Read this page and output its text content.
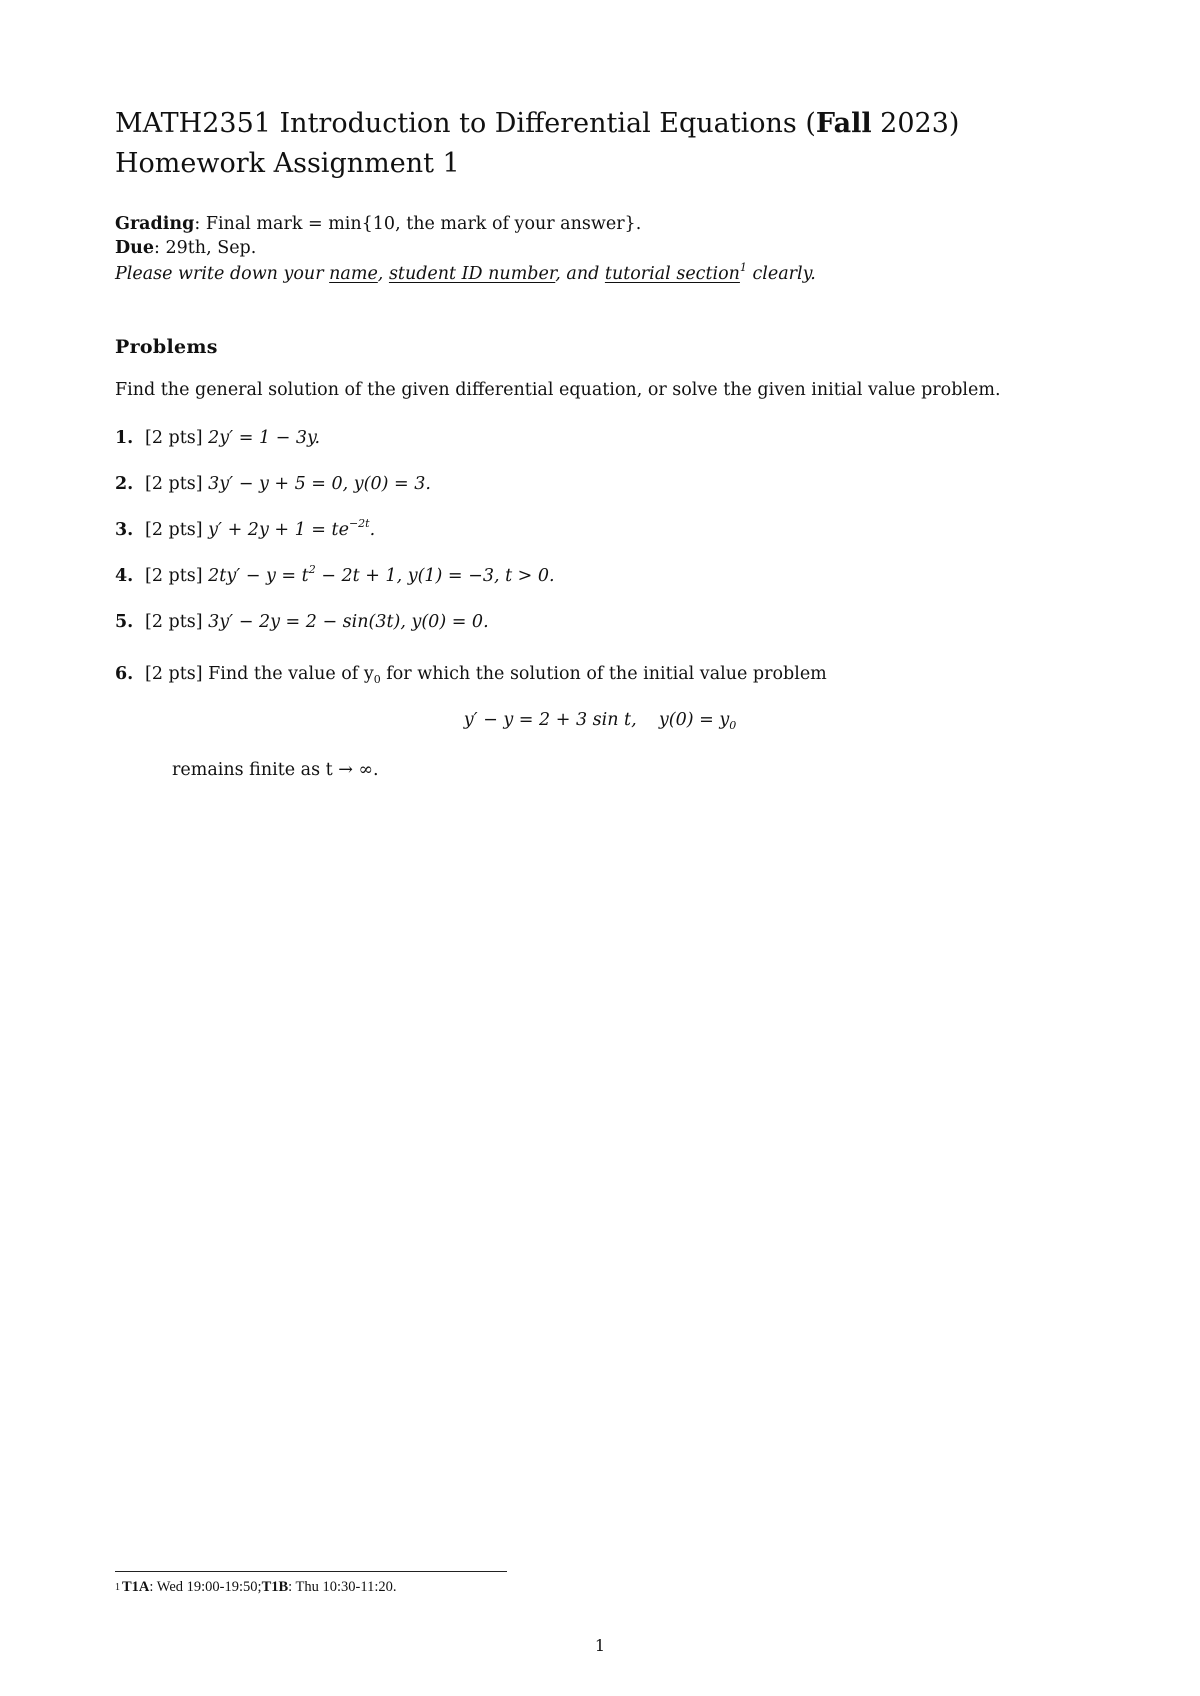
MATH2351 Introduction to Differential Equations (Fall 2023)
Homework Assignment 1
Grading: Final mark = min{10, the mark of your answer}.
Due: 29th, Sep.
Please write down your name, student ID number, and tutorial section$^1$ clearly.
Problems
Find the general solution of the given differential equation, or solve the given initial value problem.
1. [2 pts] 2y′ = 1 − 3y.
2. [2 pts] 3y′ − y + 5 = 0, y(0) = 3.
3. [2 pts] $y' + 2y + 1 = te^{-2t}$.
4. [2 pts] $2ty' - y = t^2 - 2t + 1$, y(1) = −3, t > 0.
5. [2 pts] 3y′ − 2y = 2 − sin(3t), y(0) = 0.
6. [2 pts] Find the value of $y_0$ for which the solution of the initial value problem
y′ − y = 2 + 3 sin t, $y(0) = y_0$
remains finite as t → ∞.
1 T1A: Wed 19:00-19:50;T1B: Thu 10:30-11:20.
1
